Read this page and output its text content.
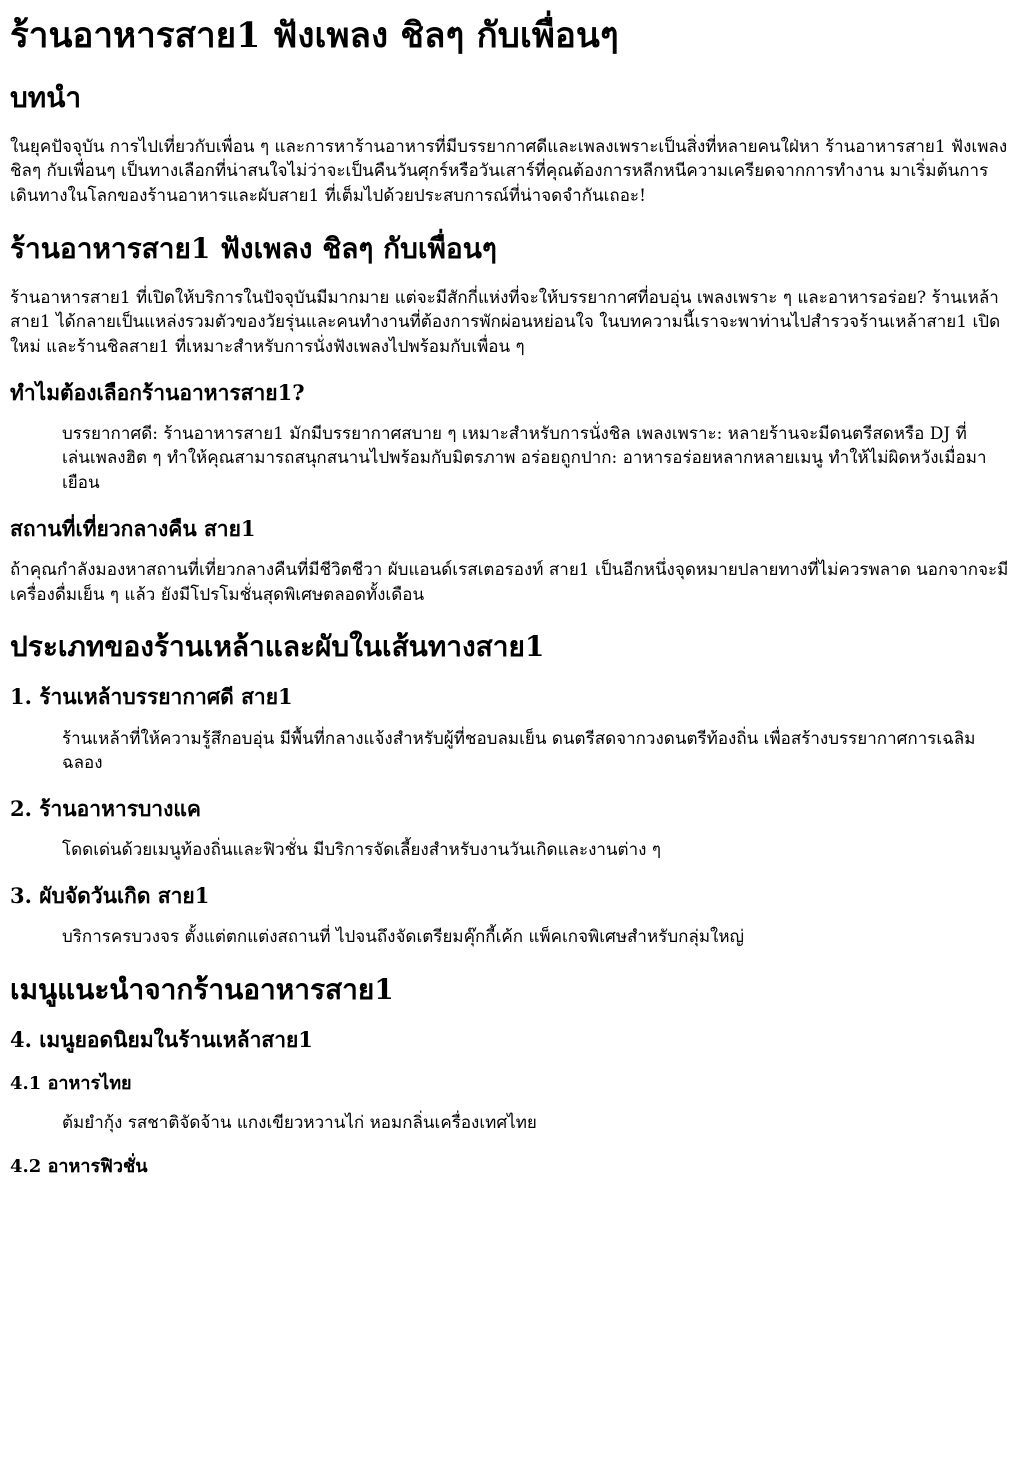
ร้านอาหารสาย1 ฟังเพลง ชิลๆ กับเพื่อนๆ
บทนำ

ในยุคปัจจุบัน การไปเที่ยวกับเพื่อน ๆ และการหาร้านอาหารที่มีบรรยากาศดีและเพลงเพราะเป็นสิ่งที่หลายคนใฝ่หา ร้านอาหารสาย1 ฟังเพลง ชิลๆ กับเพื่อนๆ เป็นทางเลือกที่น่าสนใจไม่ว่าจะเป็นคืนวันศุกร์หรือวันเสาร์ที่คุณต้องการหลีกหนีความเครียดจากการทำงาน มาเริ่มต้นการเดินทางในโลกของร้านอาหารและผับสาย1 ที่เต็มไปด้วยประสบการณ์ที่น่าจดจำกันเถอะ!

ร้านอาหารสาย1 ฟังเพลง ชิลๆ กับเพื่อนๆ

ร้านอาหารสาย1 ที่เปิดให้บริการในปัจจุบันมีมากมาย แต่จะมีสักกี่แห่งที่จะให้บรรยากาศที่อบอุ่น เพลงเพราะ ๆ และอาหารอร่อย? ร้านเหล้าสาย1 ได้กลายเป็นแหล่งรวมตัวของวัยรุ่นและคนทำงานที่ต้องการพักผ่อนหย่อนใจ ในบทความนี้เราจะพาท่านไปสำรวจร้านเหล้าสาย1 เปิดใหม่ และร้านชิลสาย1 ที่เหมาะสำหรับการนั่งฟังเพลงไปพร้อมกับเพื่อน ๆ

ทำไมต้องเลือกร้านอาหารสาย1?
บรรยากาศดี: ร้านอาหารสาย1 มักมีบรรยากาศสบาย ๆ เหมาะสำหรับการนั่งชิล เพลงเพราะ: หลายร้านจะมีดนตรีสดหรือ DJ ที่เล่นเพลงฮิต ๆ ทำให้คุณสามารถสนุกสนานไปพร้อมกับมิตรภาพ อร่อยถูกปาก: อาหารอร่อยหลากหลายเมนู ทำให้ไม่ผิดหวังเมื่อมาเยือน
สถานที่เที่ยวกลางคืน สาย1

ถ้าคุณกำลังมองหาสถานที่เที่ยวกลางคืนที่มีชีวิตชีวา ผับแอนด์เรสเตอรองท์ สาย1 เป็นอีกหนึ่งจุดหมายปลายทางที่ไม่ควรพลาด นอกจากจะมีเครื่องดื่มเย็น ๆ แล้ว ยังมีโปรโมชั่นสุดพิเศษตลอดทั้งเดือน

ประเภทของร้านเหล้าและผับในเส้นทางสาย1
1. ร้านเหล้าบรรยากาศดี สาย1
ร้านเหล้าที่ให้ความรู้สึกอบอุ่น มีพื้นที่กลางแจ้งสำหรับผู้ที่ชอบลมเย็น ดนตรีสดจากวงดนตรีท้องถิ่น เพื่อสร้างบรรยากาศการเฉลิมฉลอง
2. ร้านอาหารบางแค
โดดเด่นด้วยเมนูท้องถิ่นและฟิวชั่น มีบริการจัดเลี้ยงสำหรับงานวันเกิดและงานต่าง ๆ
3. ผับจัดวันเกิด สาย1
บริการครบวงจร ตั้งแต่ตกแต่งสถานที่ ไปจนถึงจัดเตรียมคุ๊กกี้เค้ก แพ็คเกจพิเศษสำหรับกลุ่มใหญ่
เมนูแนะนำจากร้านอาหารสาย1
4. เมนูยอดนิยมในร้านเหล้าสาย1
4.1 อาหารไทย
ต้มยำกุ้ง รสชาติจัดจ้าน แกงเขียวหวานไก่ หอมกลิ่นเครื่องเทศไทย
4.2 อาหารฟิวชั่น
